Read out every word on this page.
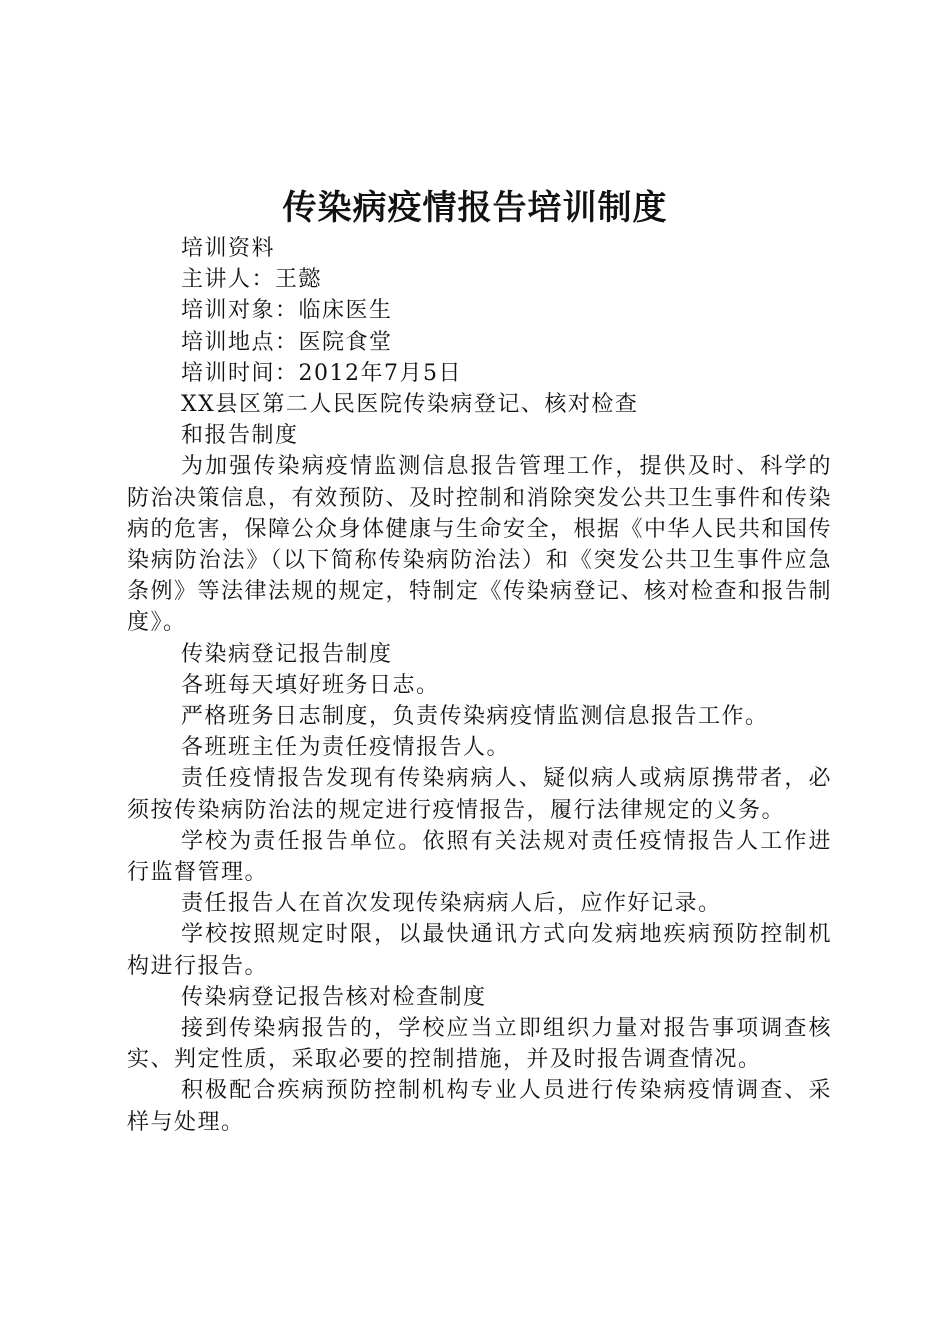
传染病疫情报告培训制度

培训资料

主讲人：王懿

培训对象：临床医生

培训地点：医院食堂

培训时间：2012年7月5日

XX县区第二人民医院传染病登记、核对检查

和报告制度

为加强传染病疫情监测信息报告管理工作，提供及时、科学的防治决策信息，有效预防、及时控制和消除突发公共卫生事件和传染病的危害，保障公众身体健康与生命安全，根据《中华人民共和国传染病防治法》（以下简称传染病防治法）和《突发公共卫生事件应急条例》等法律法规的规定，特制定《传染病登记、核对检查和报告制度》。

传染病登记报告制度

各班每天填好班务日志。

严格班务日志制度，负责传染病疫情监测信息报告工作。

各班班主任为责任疫情报告人。

责任疫情报告发现有传染病病人、疑似病人或病原携带者，必须按传染病防治法的规定进行疫情报告，履行法律规定的义务。

学校为责任报告单位。依照有关法规对责任疫情报告人工作进行监督管理。

责任报告人在首次发现传染病病人后，应作好记录。

学校按照规定时限，以最快通讯方式向发病地疾病预防控制机构进行报告。

传染病登记报告核对检查制度

接到传染病报告的，学校应当立即组织力量对报告事项调查核实、判定性质，采取必要的控制措施，并及时报告调查情况。

积极配合疾病预防控制机构专业人员进行传染病疫情调查、采样与处理。
